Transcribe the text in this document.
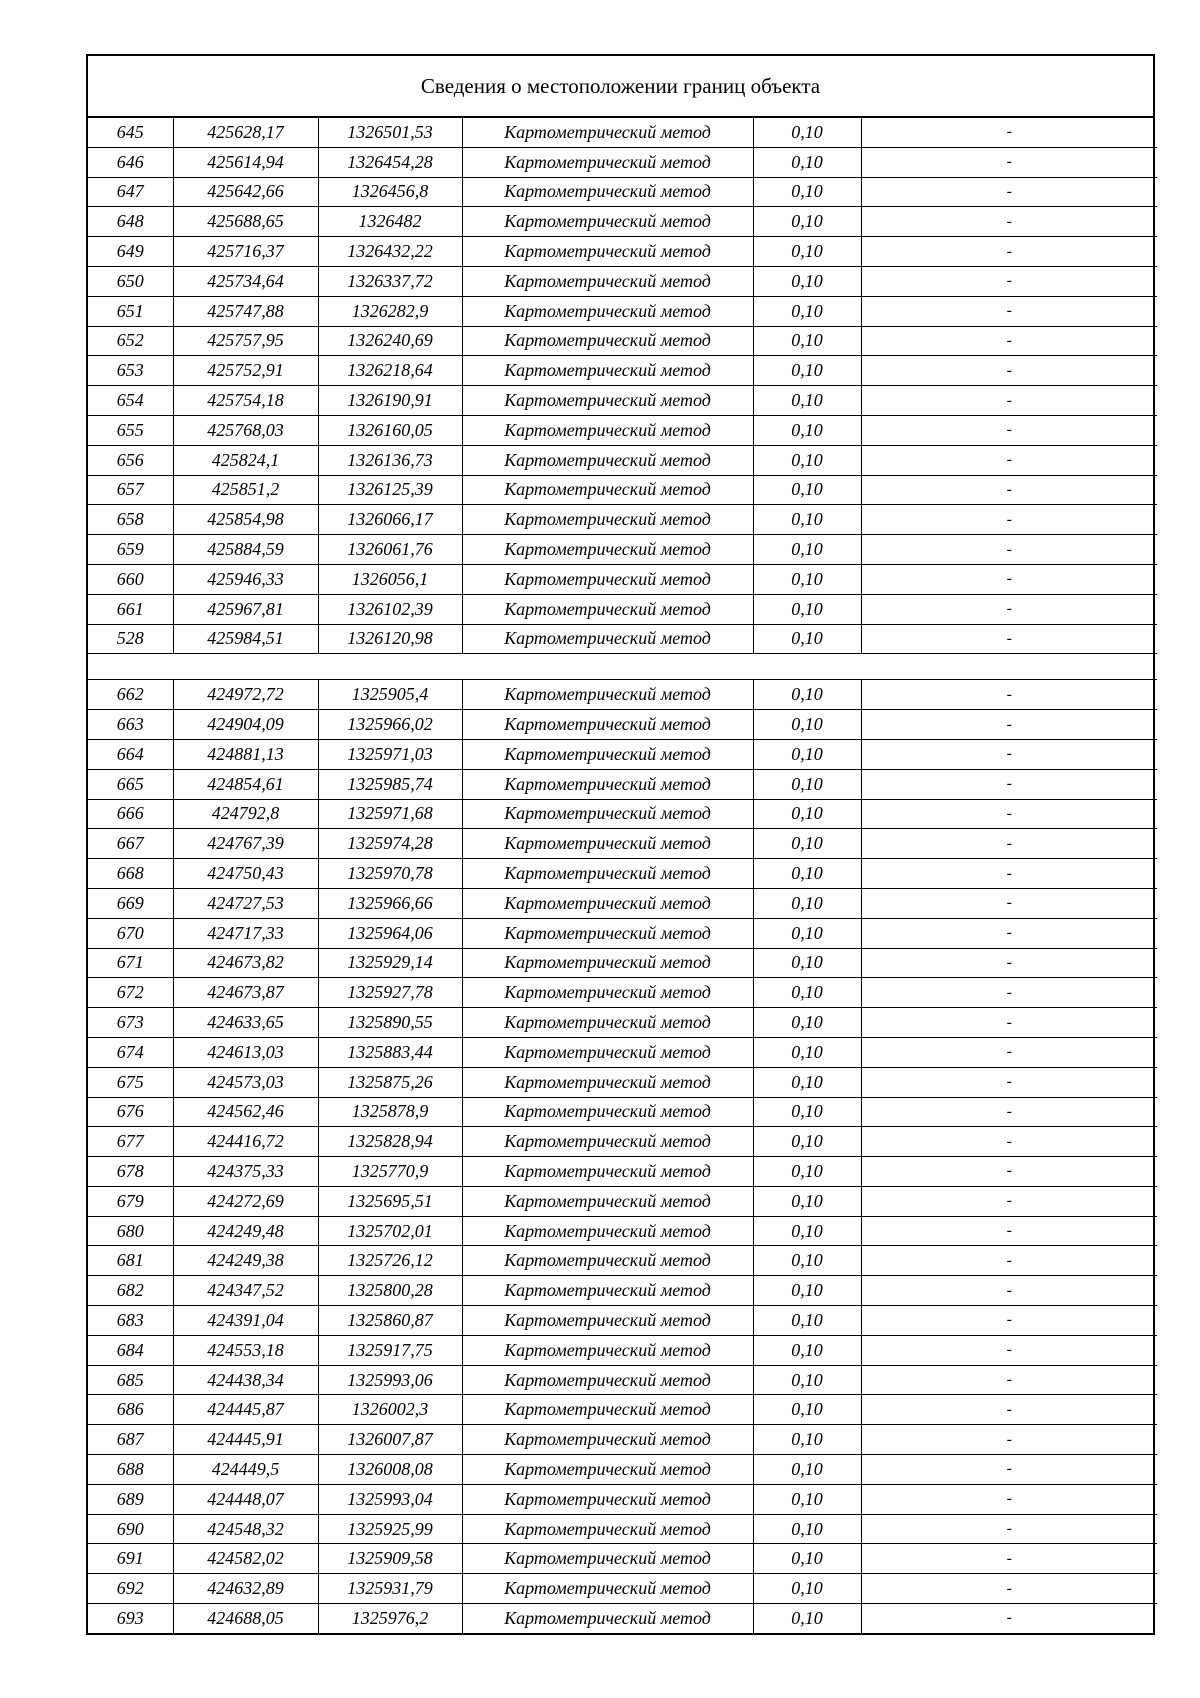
Сведения о местоположении границ объекта
645	425628,17	1326501,53	Картометрический метод	0,10	-
646	425614,94	1326454,28	Картометрический метод	0,10	-
647	425642,66	1326456,8	Картометрический метод	0,10	-
648	425688,65	1326482	Картометрический метод	0,10	-
649	425716,37	1326432,22	Картометрический метод	0,10	-
650	425734,64	1326337,72	Картометрический метод	0,10	-
651	425747,88	1326282,9	Картометрический метод	0,10	-
652	425757,95	1326240,69	Картометрический метод	0,10	-
653	425752,91	1326218,64	Картометрический метод	0,10	-
654	425754,18	1326190,91	Картометрический метод	0,10	-
655	425768,03	1326160,05	Картометрический метод	0,10	-
656	425824,1	1326136,73	Картометрический метод	0,10	-
657	425851,2	1326125,39	Картометрический метод	0,10	-
658	425854,98	1326066,17	Картометрический метод	0,10	-
659	425884,59	1326061,76	Картометрический метод	0,10	-
660	425946,33	1326056,1	Картометрический метод	0,10	-
661	425967,81	1326102,39	Картометрический метод	0,10	-
528	425984,51	1326120,98	Картометрический метод	0,10	-

662	424972,72	1325905,4	Картометрический метод	0,10	-
663	424904,09	1325966,02	Картометрический метод	0,10	-
664	424881,13	1325971,03	Картометрический метод	0,10	-
665	424854,61	1325985,74	Картометрический метод	0,10	-
666	424792,8	1325971,68	Картометрический метод	0,10	-
667	424767,39	1325974,28	Картометрический метод	0,10	-
668	424750,43	1325970,78	Картометрический метод	0,10	-
669	424727,53	1325966,66	Картометрический метод	0,10	-
670	424717,33	1325964,06	Картометрический метод	0,10	-
671	424673,82	1325929,14	Картометрический метод	0,10	-
672	424673,87	1325927,78	Картометрический метод	0,10	-
673	424633,65	1325890,55	Картометрический метод	0,10	-
674	424613,03	1325883,44	Картометрический метод	0,10	-
675	424573,03	1325875,26	Картометрический метод	0,10	-
676	424562,46	1325878,9	Картометрический метод	0,10	-
677	424416,72	1325828,94	Картометрический метод	0,10	-
678	424375,33	1325770,9	Картометрический метод	0,10	-
679	424272,69	1325695,51	Картометрический метод	0,10	-
680	424249,48	1325702,01	Картометрический метод	0,10	-
681	424249,38	1325726,12	Картометрический метод	0,10	-
682	424347,52	1325800,28	Картометрический метод	0,10	-
683	424391,04	1325860,87	Картометрический метод	0,10	-
684	424553,18	1325917,75	Картометрический метод	0,10	-
685	424438,34	1325993,06	Картометрический метод	0,10	-
686	424445,87	1326002,3	Картометрический метод	0,10	-
687	424445,91	1326007,87	Картометрический метод	0,10	-
688	424449,5	1326008,08	Картометрический метод	0,10	-
689	424448,07	1325993,04	Картометрический метод	0,10	-
690	424548,32	1325925,99	Картометрический метод	0,10	-
691	424582,02	1325909,58	Картометрический метод	0,10	-
692	424632,89	1325931,79	Картометрический метод	0,10	-
693	424688,05	1325976,2	Картометрический метод	0,10	-
